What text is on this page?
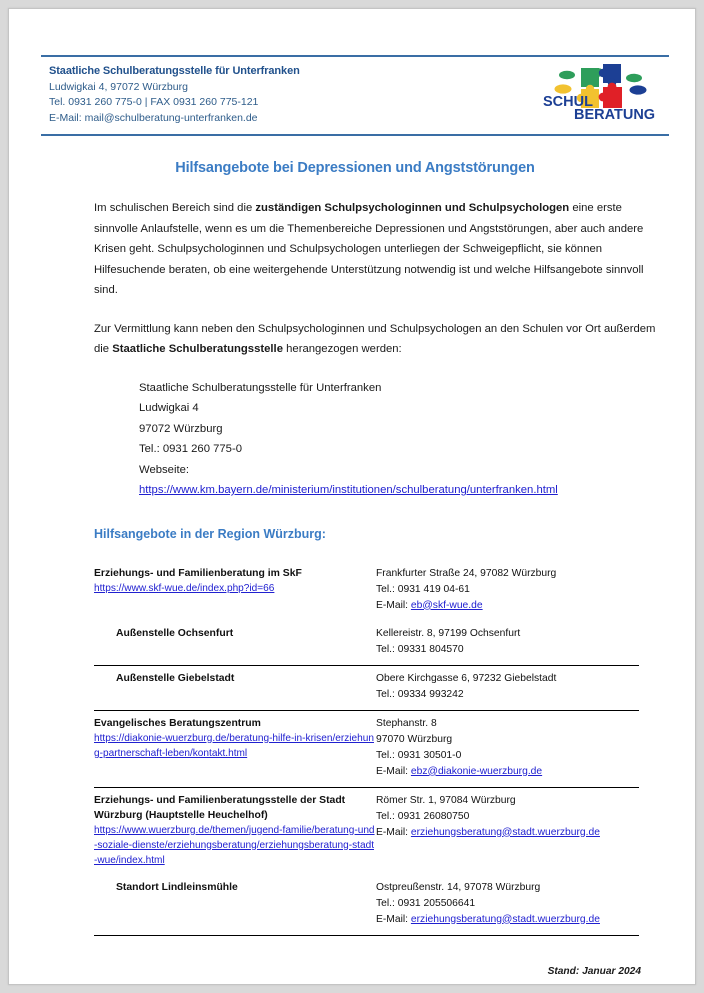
Staatliche Schulberatungsstelle für Unterfranken
Ludwigkai 4, 97072 Würzburg
Tel. 0931 260 775-0 | FAX 0931 260 775-121
E-Mail: mail@schulberatung-unterfranken.de
SCHUL
BERATUNG
Hilfsangebote bei Depressionen und Angststörungen

Im schulischen Bereich sind die zuständigen Schulpsychologinnen und Schulpsychologen eine erste sinnvolle Anlaufstelle, wenn es um die Themenbereiche Depressionen und Angststörungen, aber auch andere Krisen geht. Schulpsychologinnen und Schulpsychologen unterliegen der Schweigepflicht, sie können Hilfesuchende beraten, ob eine weitergehende Unterstützung notwendig ist und welche Hilfsangebote sinnvoll sind.

Zur Vermittlung kann neben den Schulpsychologinnen und Schulpsychologen an den Schulen vor Ort außerdem die Staatliche Schulberatungsstelle herangezogen werden:

Staatliche Schulberatungsstelle für Unterfranken
Ludwigkai 4
97072 Würzburg
Tel.: 0931 260 775-0
Webseite:
https://www.km.bayern.de/ministerium/institutionen/schulberatung/unterfranken.html
Hilfsangebote in der Region Würzburg:
Erziehungs- und Familienberatung im SkF
https://www.skf-wue.de/index.php?id=66

Frankfurter Straße 24, 97082 Würzburg
Tel.: 0931 419 04-61
E-Mail: eb@skf-wue.de

Außenstelle Ochsenfurt	Kellereistr. 8, 97199 Ochsenfurt
Tel.: 09331 804570

Außenstelle Giebelstadt	Obere Kirchgasse 6, 97232 Giebelstadt
Tel.: 09334 993242

Evangelisches Beratungszentrum
https://diakonie-wuerzburg.de/beratung-hilfe-in-krisen/erziehung-partnerschaft-leben/kontakt.html

Stephanstr. 8
97070 Würzburg
Tel.: 0931 30501-0
E-Mail: ebz@diakonie-wuerzburg.de

Erziehungs- und Familienberatungsstelle der Stadt Würzburg (Hauptstelle Heuchelhof)
https://www.wuerzburg.de/themen/jugend-familie/beratung-und-soziale-dienste/erziehungsberatung/erziehungsberatung-stadt-wue/index.html

Römer Str. 1, 97084 Würzburg
Tel.: 0931 26080750
E-Mail: erziehungsberatung@stadt.wuerzburg.de

Standort Lindleinsmühle	Ostpreußenstr. 14, 97078 Würzburg
Tel.: 0931 205506641
E-Mail: erziehungsberatung@stadt.wuerzburg.de
Stand: Januar 2024
